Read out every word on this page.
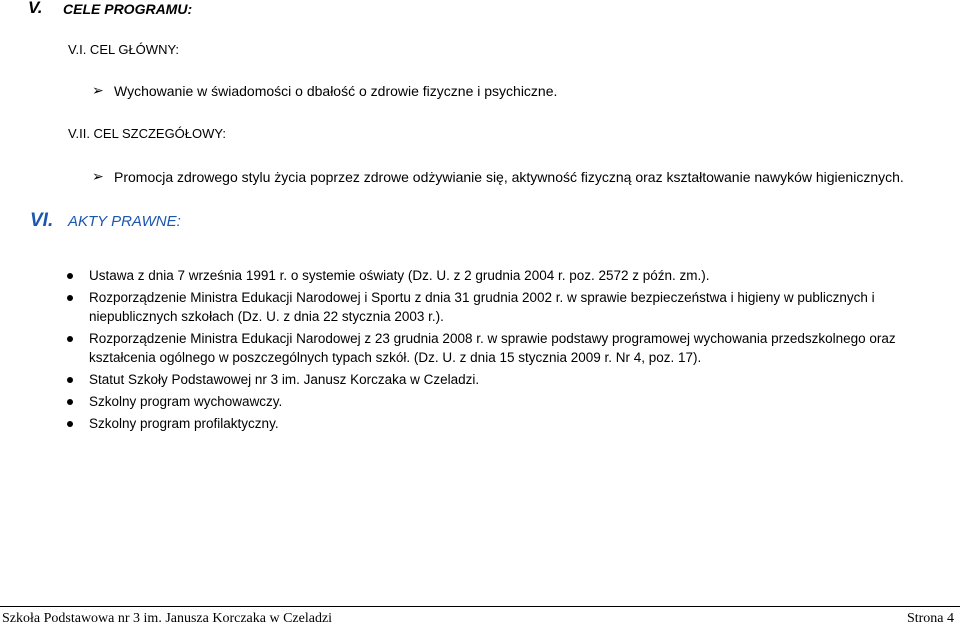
V. CELE PROGRAMU:
V.I. CEL GŁÓWNY:
➢ Wychowanie w świadomości o dbałość o zdrowie fizyczne i psychiczne.
V.II. CEL SZCZEGÓŁOWY:
➢ Promocja zdrowego stylu życia poprzez zdrowe odżywianie się, aktywność fizyczną oraz kształtowanie nawyków higienicznych.
VI. AKTY PRAWNE:
Ustawa z dnia 7 września 1991 r. o systemie oświaty (Dz. U. z 2 grudnia 2004 r. poz. 2572 z późn. zm.).
Rozporządzenie Ministra Edukacji Narodowej i Sportu z dnia 31 grudnia 2002 r. w sprawie bezpieczeństwa i higieny w publicznych i niepublicznych szkołach (Dz. U. z dnia 22 stycznia 2003 r.).
Rozporządzenie Ministra Edukacji Narodowej z 23 grudnia 2008 r. w sprawie podstawy programowej wychowania przedszkolnego oraz kształcenia ogólnego w poszczególnych typach szkół. (Dz. U. z dnia 15 stycznia 2009 r. Nr 4, poz. 17).
Statut Szkoły Podstawowej nr 3 im. Janusz Korczaka w Czeladzi.
Szkolny program wychowawczy.
Szkolny program profilaktyczny.
Szkoła Podstawowa nr 3 im. Janusza Korczaka w Czeladzi	Strona 4
